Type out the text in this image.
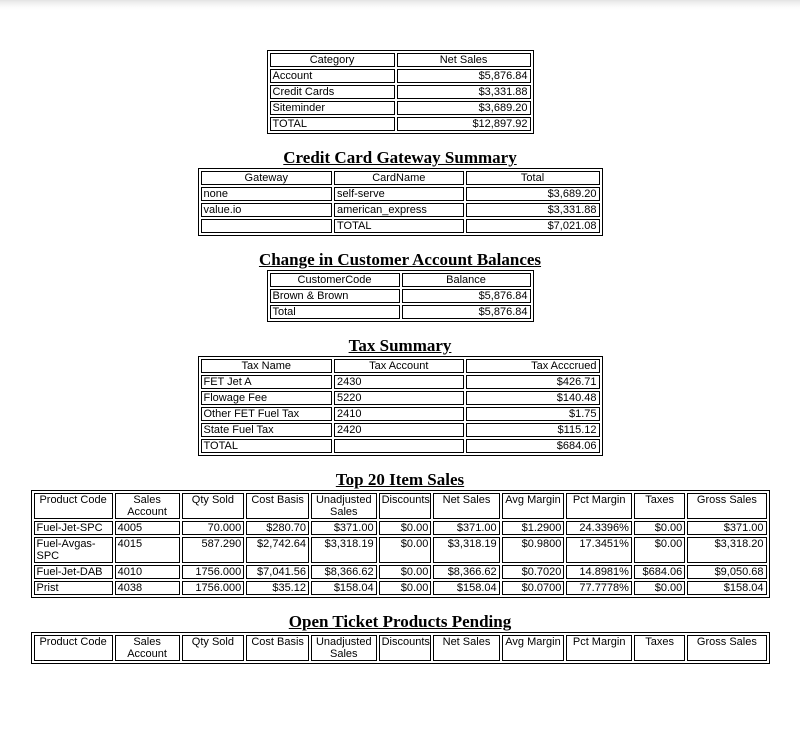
Category	Net Sales
Account	$5,876.84
Credit Cards	$3,331.88
Siteminder	$3,689.20
TOTAL	$12,897.92
Credit Card Gateway Summary
Gateway	CardName	Total
none	self-serve	$3,689.20
value.io	american_express	$3,331.88
	TOTAL	$7,021.08
Change in Customer Account Balances
CustomerCode	Balance
Brown & Brown	$5,876.84
Total	$5,876.84
Tax Summary
Tax Name	Tax Account	Tax Acccrued
FET Jet A	2430	$426.71
Flowage Fee	5220	$140.48
Other FET Fuel Tax	2410	$1.75
State Fuel Tax	2420	$115.12
TOTAL		$684.06
Top 20 Item Sales
Product Code	Sales Account	Qty Sold	Cost Basis	Unadjusted Sales	Discounts	Net Sales	Avg Margin	Pct Margin	Taxes	Gross Sales
Fuel-Jet-SPC	4005	70.000	$280.70	$371.00	$0.00	$371.00	$1.2900	24.3396%	$0.00	$371.00
Fuel-Avgas-SPC	4015	587.290	$2,742.64	$3,318.19	$0.00	$3,318.19	$0.9800	17.3451%	$0.00	$3,318.20
Fuel-Jet-DAB	4010	1756.000	$7,041.56	$8,366.62	$0.00	$8,366.62	$0.7020	14.8981%	$684.06	$9,050.68
Prist	4038	1756.000	$35.12	$158.04	$0.00	$158.04	$0.0700	77.7778%	$0.00	$158.04
Open Ticket Products Pending
Product Code	Sales Account	Qty Sold	Cost Basis	Unadjusted Sales	Discounts	Net Sales	Avg Margin	Pct Margin	Taxes	Gross Sales
